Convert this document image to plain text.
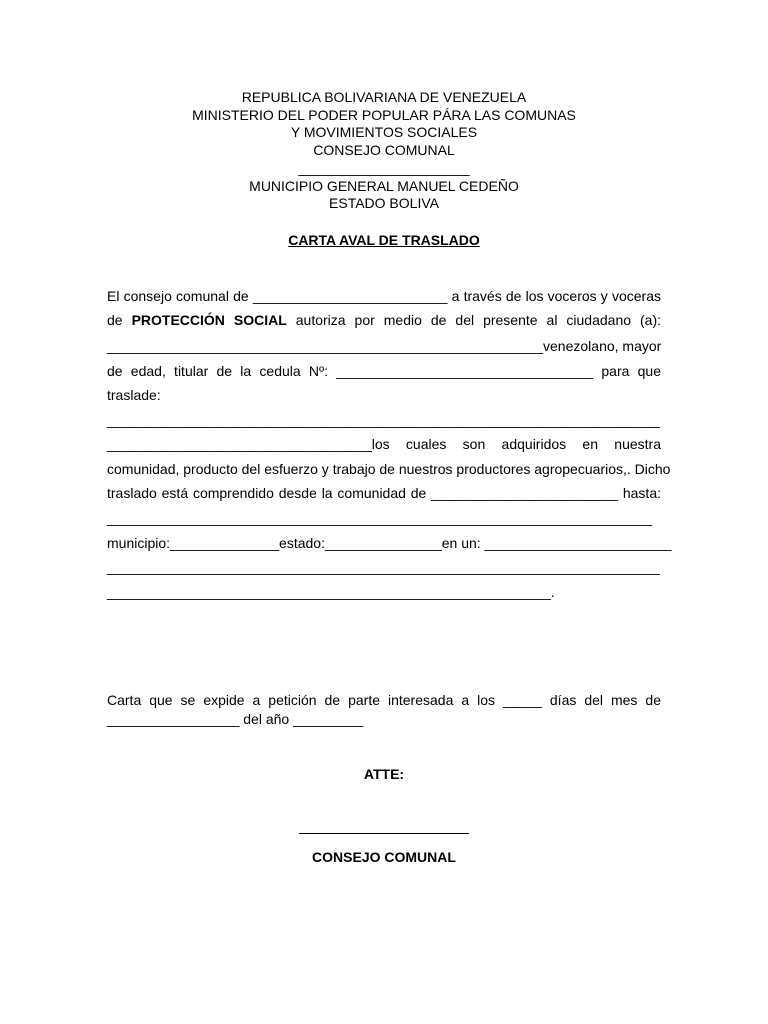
REPUBLICA BOLIVARIANA DE VENEZUELA
MINISTERIO DEL PODER POPULAR PÁRA LAS COMUNAS
Y MOVIMIENTOS SOCIALES
CONSEJO COMUNAL
______________________
MUNICIPIO GENERAL MANUEL CEDEÑO
ESTADO BOLIVA
CARTA AVAL DE TRASLADO
El consejo comunal de _________________________ a través de los voceros y voceras
de PROTECCIÓN SOCIAL autoriza por medio de del presente al ciudadano (a):
________________________________________________________venezolano, mayor
de edad, titular de la cedula Nº: _________________________________ para que
traslade:
_______________________________________________________________________
__________________________________los cuales son adquiridos en nuestra
comunidad, producto del esfuerzo y trabajo de nuestros productores agropecuarios,. Dicho
traslado está comprendido desde la comunidad de ________________________ hasta:
______________________________________________________________________
municipio:______________estado:_______________en un: ________________________
_______________________________________________________________________
_________________________________________________________.
Carta que se expide a petición de parte interesada a los _____ días del mes de
_________________ del año _________
ATTE:
CONSEJO COMUNAL
